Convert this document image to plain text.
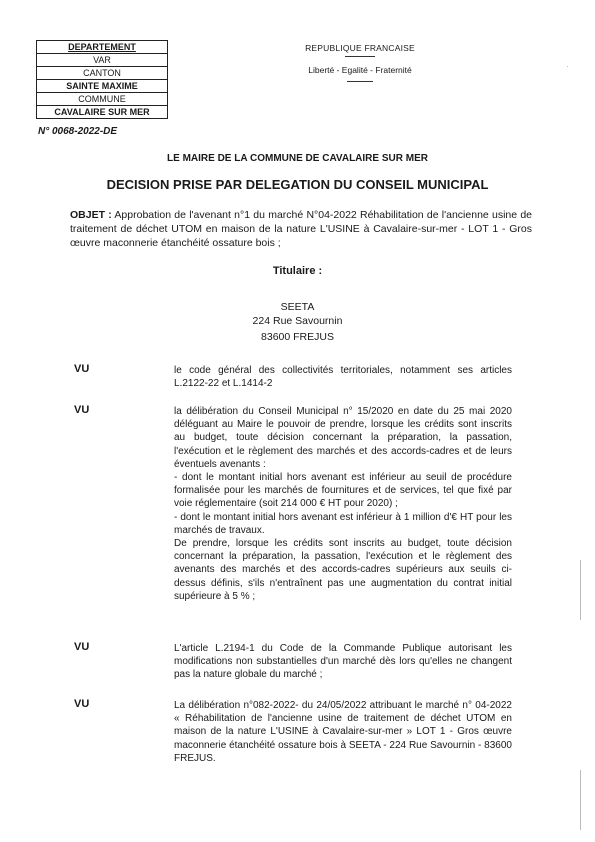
DEPARTEMENT
VAR
CANTON
SAINTE MAXIME
COMMUNE
CAVALAIRE SUR MER
REPUBLIQUE FRANCAISE
Liberté - Egalité - Fraternité	·
N° 0068-2022-DE
LE MAIRE DE LA COMMUNE DE CAVALAIRE SUR MER
DECISION PRISE PAR DELEGATION DU CONSEIL MUNICIPAL
OBJET : Approbation de l'avenant n°1 du marché N°04-2022 Réhabilitation de l'ancienne usine de traitement de déchet UTOM en maison de la nature L'USINE à Cavalaire-sur-mer - LOT 1 - Gros œuvre maconnerie étanchéité ossature bois ;
Titulaire :
SEETA
224 Rue Savournin
83600 FREJUS
VU	le code général des collectivités territoriales, notamment ses articles L.2122-22 et L.1414-2

VU	la délibération du Conseil Municipal n° 15/2020 en date du 25 mai 2020 déléguant au Maire le pouvoir de prendre, lorsque les crédits sont inscrits au budget, toute décision concernant la préparation, la passation, l'exécution et le règlement des marchés et des accords-cadres et de leurs éventuels avenants :

- dont le montant initial hors avenant est inférieur au seuil de procédure formalisée pour les marchés de fournitures et de services, tel que fixé par voie réglementaire (soit 214 000 € HT pour 2020) ;

- dont le montant initial hors avenant est inférieur à 1 million d'€ HT pour les marchés de travaux.

De prendre, lorsque les crédits sont inscrits au budget, toute décision concernant la préparation, la passation, l'exécution et le règlement des avenants des marchés et des accords-cadres supérieurs aux seuils ci-dessus définis, s'ils n'entraînent pas une augmentation du contrat initial supérieure à 5 % ;

VU	L'article L.2194-1 du Code de la Commande Publique autorisant les modifications non substantielles d'un marché dès lors qu'elles ne changent pas la nature globale du marché ;

VU	La délibération n°082-2022- du 24/05/2022 attribuant le marché n° 04-2022 « Réhabilitation de l'ancienne usine de traitement de déchet UTOM en maison de la nature L'USINE à Cavalaire-sur-mer » LOT 1 - Gros œuvre maconnerie étanchéité ossature bois à SEETA - 224 Rue Savournin - 83600 FREJUS.
